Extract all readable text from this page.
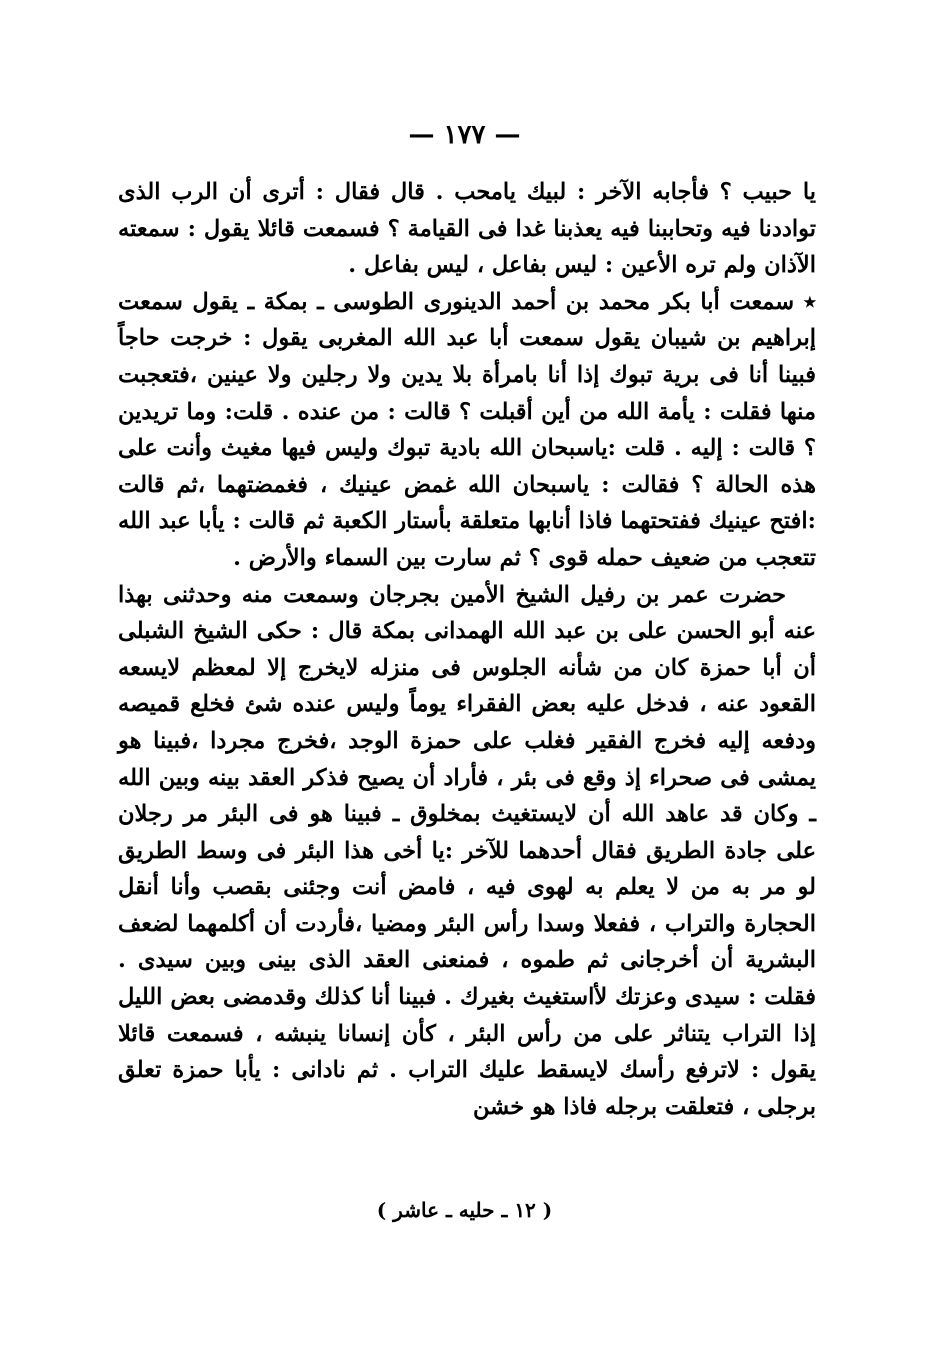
— ١٧٧ —

يا حبيب ؟ فأجابه الآخر : لبيك يامحب . قال فقال : أترى أن الرب الذى تواددنا فيه وتحاببنا فيه يعذبنا غدا فى القيامة ؟ فسمعت قائلا يقول : سمعته الآذان ولم تره الأعين : ليس بفاعل ، ليس بفاعل .

٭ سمعت أبا بكر محمد بن أحمد الدينورى الطوسى ـ بمكة ـ يقول سمعت إبراهيم بن شيبان يقول سمعت أبا عبد الله المغربى يقول : خرجت حاجاً فبينا أنا فى برية تبوك إذا أنا بامرأة بلا يدين ولا رجلين ولا عينين ،فتعجبت منها فقلت : يأمة الله من أين أقبلت ؟ قالت : من عنده . قلت: وما تريدين ؟ قالت : إليه . قلت :ياسبحان الله بادية تبوك وليس فيها مغيث وأنت على هذه الحالة ؟ فقالت : ياسبحان الله غمض عينيك ، فغمضتهما ،ثم قالت :افتح عينيك ففتحتهما فاذا أنابها متعلقة بأستار الكعبة ثم قالت : يأبا عبد الله تتعجب من ضعيف حمله قوى ؟ ثم سارت بين السماء والأرض .

حضرت عمر بن رفيل الشيخ الأمين بجرجان وسمعت منه وحدثنى بهذا عنه أبو الحسن على بن عبد الله الهمدانى بمكة قال : حكى الشيخ الشبلى أن أبا حمزة كان من شأنه الجلوس فى منزله لايخرج إلا لمعظم لايسعه القعود عنه ، فدخل عليه بعض الفقراء يوماً وليس عنده شئ فخلع قميصه ودفعه إليه فخرج الفقير فغلب على حمزة الوجد ،فخرج مجردا ،فبينا هو يمشى فى صحراء إذ وقع فى بئر ، فأراد أن يصيح فذكر العقد بينه وبين الله ـ وكان قد عاهد الله أن لايستغيث بمخلوق ـ فبينا هو فى البئر مر رجلان على جادة الطريق فقال أحدهما للآخر :يا أخى هذا البئر فى وسط الطريق لو مر به من لا يعلم به لهوى فيه ، فامض أنت وجئنى بقصب وأنا أنقل الحجارة والتراب ، ففعلا وسدا رأس البئر ومضيا ،فأردت أن أكلمهما لضعف البشرية أن أخرجانى ثم طموه ، فمنعنى العقد الذى بينى وبين سيدى . فقلت : سيدى وعزتك لأاستغيث بغيرك . فبينا أنا كذلك وقدمضى بعض الليل إذا التراب يتناثر على من رأس البئر ، كأن إنسانا ينبشه ، فسمعت قائلا يقول : لاترفع رأسك لايسقط عليك التراب . ثم نادانى : يأبا حمزة تعلق برجلى ، فتعلقت برجله فاذا هو خشن

( ١٢ ـ حليه ـ عاشر )
